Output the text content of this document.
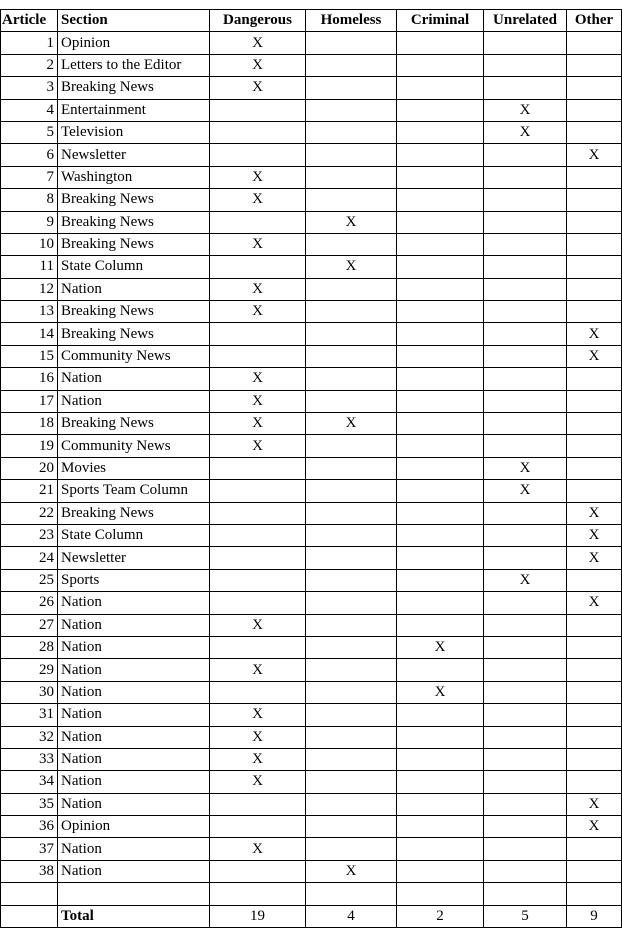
Article	Section	Dangerous	Homeless	Criminal	Unrelated	Other
1	Opinion	X				
2	Letters to the Editor	X				
3	Breaking News	X				
4	Entertainment				X	
5	Television				X	
6	Newsletter					X
7	Washington	X				
8	Breaking News	X				
9	Breaking News		X			
10	Breaking News	X				
11	State Column		X			
12	Nation	X				
13	Breaking News	X				
14	Breaking News					X
15	Community News					X
16	Nation	X				
17	Nation	X				
18	Breaking News	X	X			
19	Community News	X				
20	Movies				X	
21	Sports Team Column				X	
22	Breaking News					X
23	State Column					X
24	Newsletter					X
25	Sports				X	
26	Nation					X
27	Nation	X				
28	Nation			X		
29	Nation	X				
30	Nation			X		
31	Nation	X				
32	Nation	X				
33	Nation	X				
34	Nation	X				
35	Nation					X
36	Opinion					X
37	Nation	X				
38	Nation		X			

	Total	19	4	2	5	9
